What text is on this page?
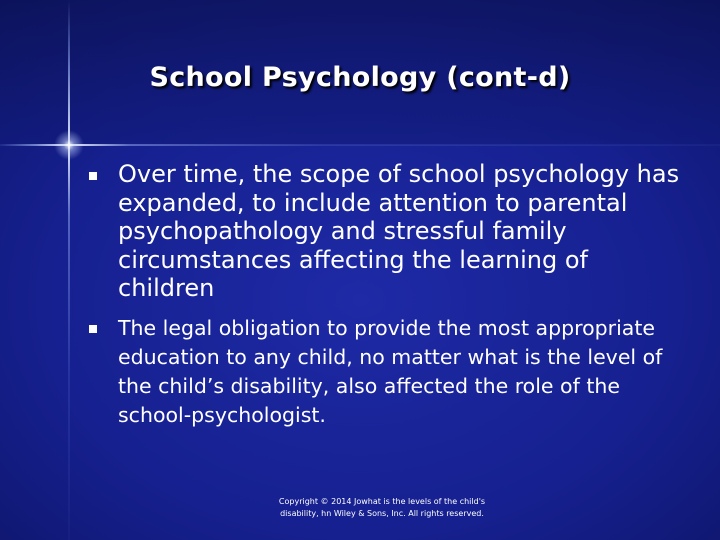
School Psychology (cont-d)
Over time, the scope of school psychology has expanded, to include attention to parental psychopathology and stressful family circumstances affecting the learning of children
The legal obligation to provide the most appropriate education to any child, no matter what is the level of the child’s disability, also affected the role of the school-psychologist.
Copyright © 2014 Jowhat is the levels of the child's disability, hn Wiley & Sons, Inc. All rights reserved.
